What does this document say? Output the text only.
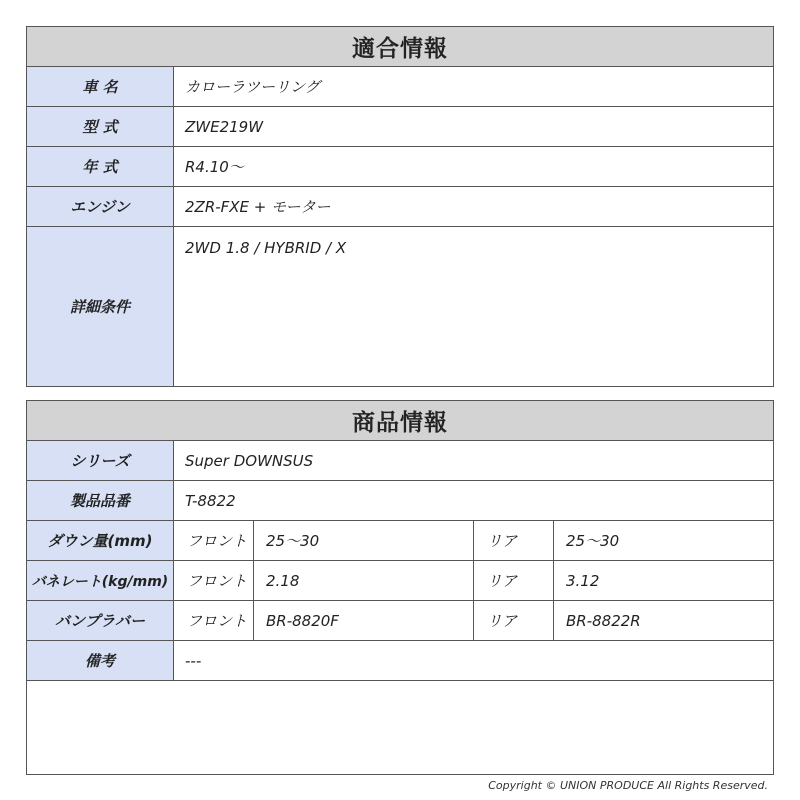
適合情報	
車 名	カローラツーリング
型 式	ZWE219W
年 式	R4.10〜
エンジン	2ZR-FXE + モーター
詳細条件	2WD 1.8 / HYBRID / X
商品情報				
シリーズ	Super DOWNSUS			
製品品番	T-8822			
ダウン量(mm)	フロント	25〜30	リア	25〜30
バネレート(kg/mm)	フロント	2.18	リア	3.12
バンプラバー	フロント	BR-8820F	リア	BR-8822R
備考	---			

Copyright © UNION PRODUCE All Rights Reserved.
